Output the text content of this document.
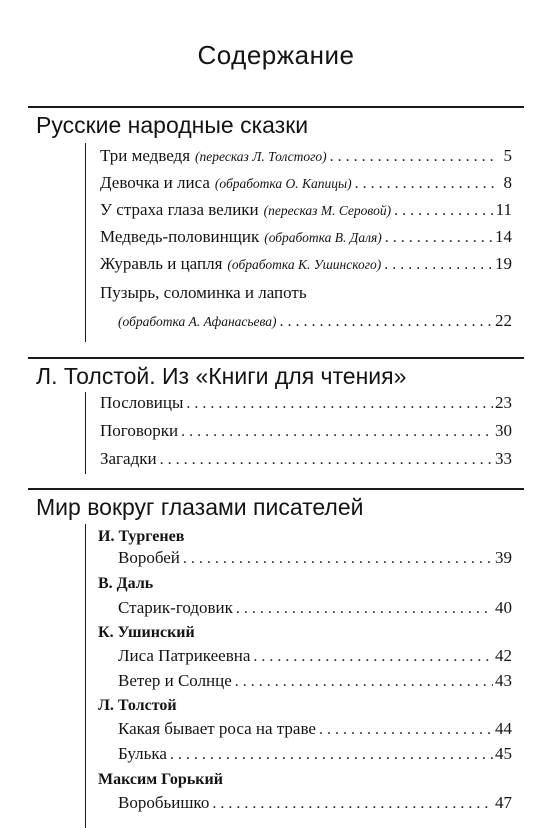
Содержание
Русские народные сказки
Три медведя (пересказ Л. Толстого) . . .	5
Девочка и лиса (обработка О. Капицы) . . .	8
У страха глаза велики (пересказ М. Серовой) . . .	11
Медведь-половинщик (обработка В. Даля) . . .	14
Журавль и цапля (обработка К. Ушинского) . . .	19
Пузырь, соломинка и лапоть
(обработка А. Афанасьева) . . .	22
Л. Толстой. Из «Книги для чтения»
Пословицы . . .	23
Поговорки . . .	30
Загадки . . .	33
Мир вокруг глазами писателей
И. Тургенев
Воробей . . .	39
В. Даль
Старик-годовик . . .	40
К. Ушинский
Лиса Патрикеевна . . .	42
Ветер и Солнце . . .	43
Л. Толстой
Какая бывает роса на траве . . .	44
Булька . . .	45
Максим Горький
Воробьишко . . .	47
